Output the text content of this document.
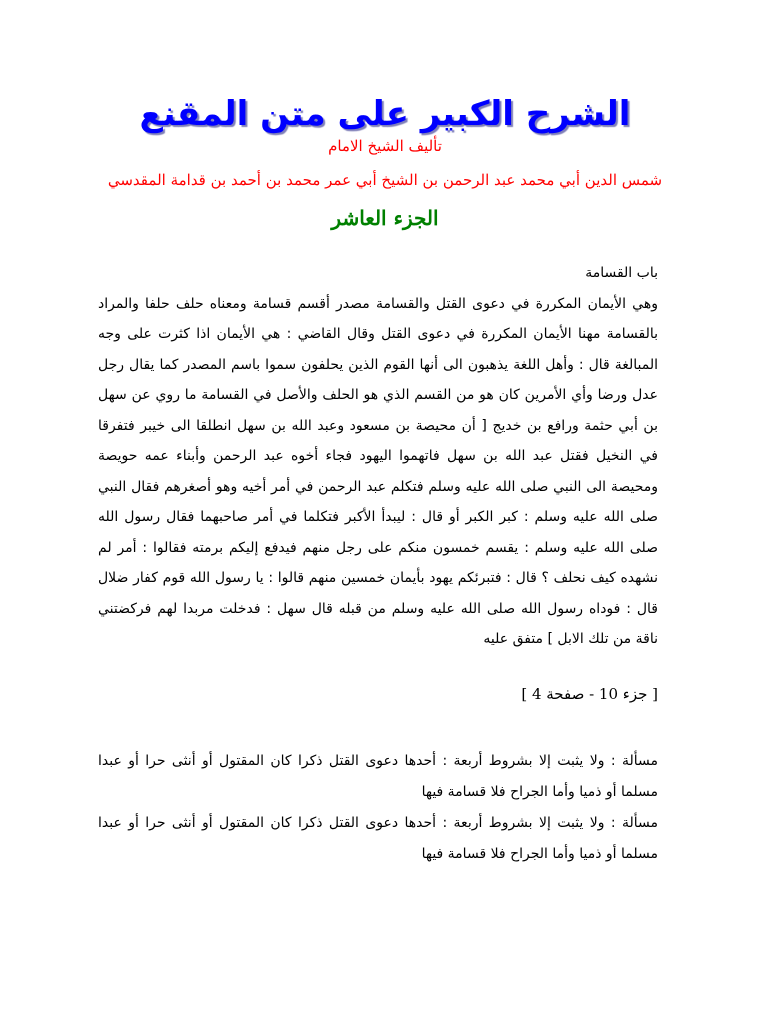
الشرح الكبير على متن المقنع
تأليف الشيخ الامام
شمس الدين أبي محمد عبد الرحمن بن الشيخ أبي عمر محمد بن أحمد بن قدامة المقدسي
الجزء العاشر

باب القسامة

وهي الأيمان المكررة في دعوى القتل والقسامة مصدر أقسم قسامة ومعناه حلف حلفا والمراد بالقسامة مهنا الأيمان المكررة في دعوى القتل وقال القاضي : هي الأيمان اذا كثرت على وجه المبالغة قال : وأهل اللغة يذهبون الى أنها القوم الذين يحلفون سموا باسم المصدر كما يقال رجل عدل ورضا وأي الأمرين كان هو من القسم الذي هو الحلف والأصل في القسامة ما روي عن سهل بن أبي حثمة ورافع بن خديج [ أن محيصة بن مسعود وعبد الله بن سهل انطلقا الى خيبر فتفرقا في النخيل فقتل عبد الله بن سهل فاتهموا اليهود فجاء أخوه عبد الرحمن وأبناء عمه حويصة ومحيصة الى النبي صلى الله عليه وسلم فتكلم عبد الرحمن في أمر أخيه وهو أصغرهم فقال النبي صلى الله عليه وسلم : كبر الكبر أو قال : ليبدأ الأكبر فتكلما في أمر صاحبهما فقال رسول الله صلى الله عليه وسلم : يقسم خمسون منكم على رجل منهم فيدفع إليكم برمته فقالوا : أمر لم نشهده كيف نحلف ؟ قال : فتبرئكم يهود بأيمان خمسين منهم قالوا : يا رسول الله قوم كفار ضلال قال : فوداه رسول الله صلى الله عليه وسلم من قبله قال سهل : فدخلت مربدا لهم فركضتني ناقة من تلك الابل ] متفق عليه

[ جزء 10 - صفحة 4 ]

مسألة : ولا يثبت إلا بشروط أربعة : أحدها دعوى القتل ذكرا كان المقتول أو أنثى حرا أو عبدا مسلما أو ذميا وأما الجراح فلا قسامة فيها

مسألة : ولا يثبت إلا بشروط أربعة : أحدها دعوى القتل ذكرا كان المقتول أو أنثى حرا أو عبدا مسلما أو ذميا وأما الجراح فلا قسامة فيها
